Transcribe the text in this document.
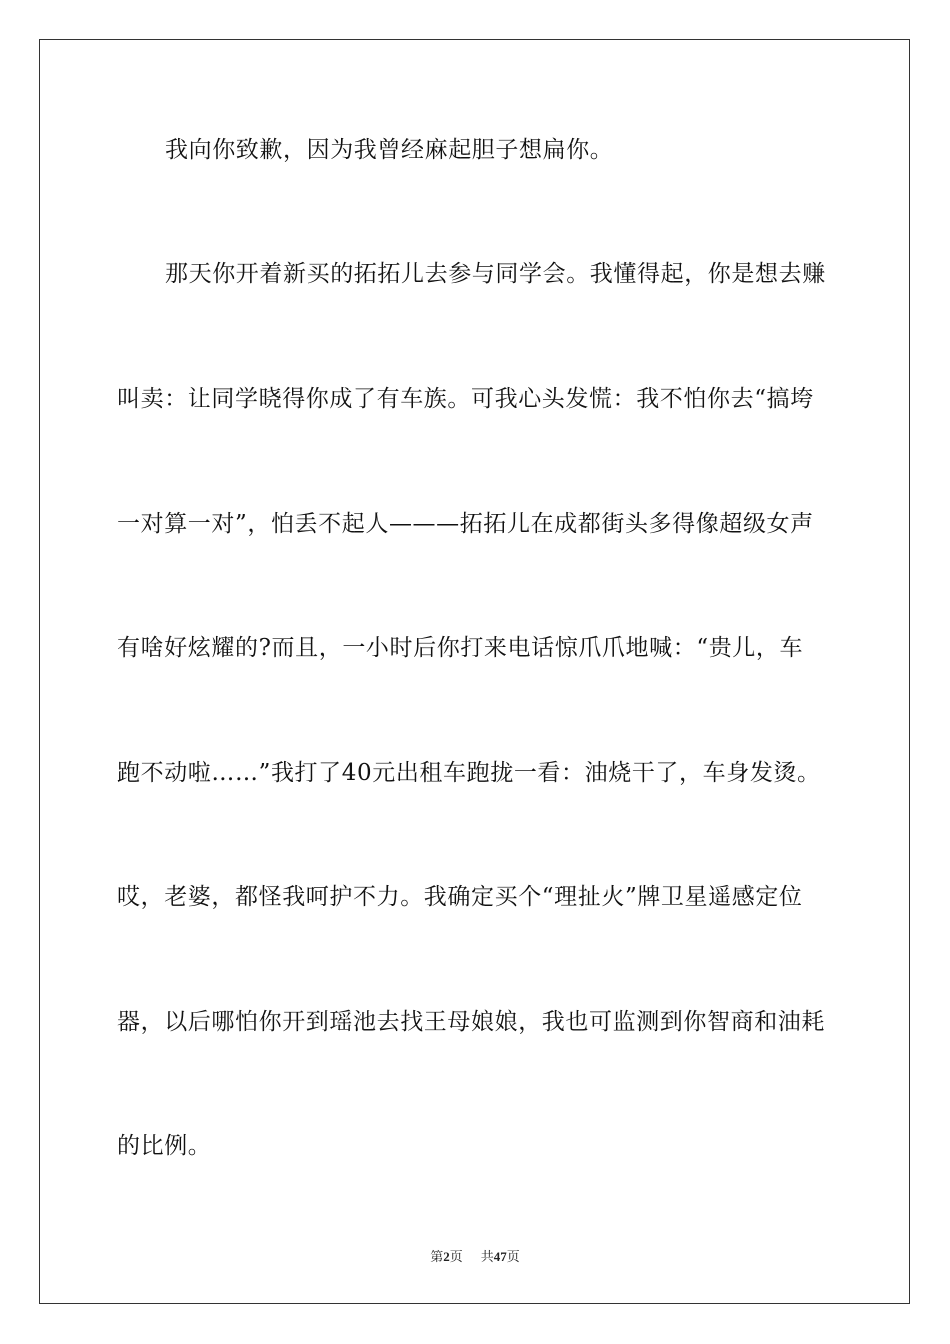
我向你致歉，因为我曾经麻起胆子想扁你。
那天你开着新买的拓拓儿去参与同学会。我懂得起，你是想去赚
叫卖：让同学晓得你成了有车族。可我心头发慌：我不怕你去“搞垮
一对算一对”，怕丢不起人———拓拓儿在成都街头多得像超级女声
有啥好炫耀的?而且，一小时后你打来电话惊爪爪地喊：“贵儿，车
跑不动啦……”我打了40元出租车跑拢一看：油烧干了，车身发烫。
哎，老婆，都怪我呵护不力。我确定买个“理扯火”牌卫星遥感定位
器，以后哪怕你开到瑶池去找王母娘娘，我也可监测到你智商和油耗
的比例。
第2页 共47页
